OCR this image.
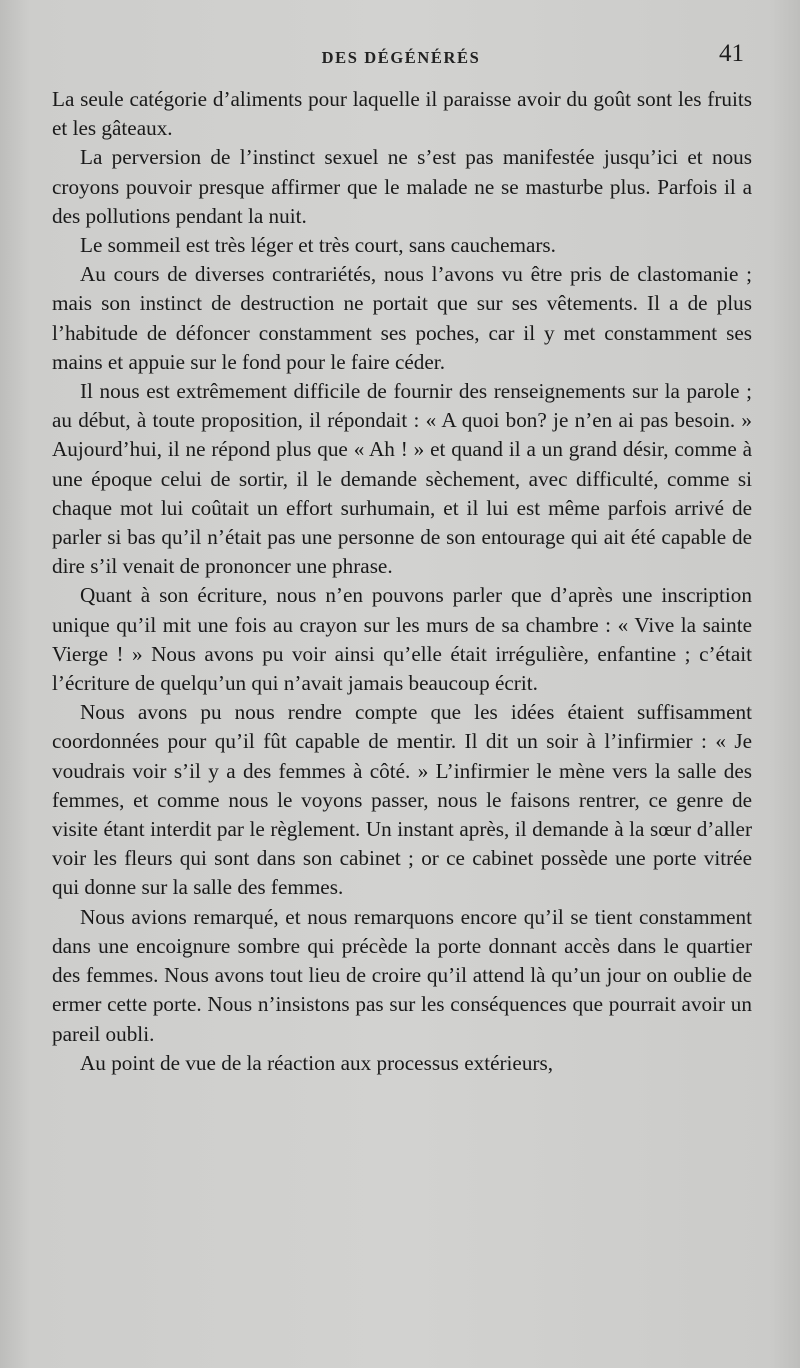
DES DÉGÉNÉRÉS	41

La seule catégorie d’aliments pour laquelle il paraisse avoir du goût sont les fruits et les gâteaux.

La perversion de l’instinct sexuel ne s’est pas manifestée jusqu’ici et nous croyons pouvoir presque affirmer que le malade ne se masturbe plus. Parfois il a des pollutions pendant la nuit.

Le sommeil est très léger et très court, sans cauchemars.

Au cours de diverses contrariétés, nous l’avons vu être pris de clastomanie ; mais son instinct de destruction ne portait que sur ses vêtements. Il a de plus l’habitude de défoncer constamment ses poches, car il y met constamment ses mains et appuie sur le fond pour le faire céder.

Il nous est extrêmement difficile de fournir des renseignements sur la parole ; au début, à toute proposition, il répondait : « A quoi bon? je n’en ai pas besoin. » Aujourd’hui, il ne répond plus que « Ah ! » et quand il a un grand désir, comme à une époque celui de sortir, il le demande sèchement, avec difficulté, comme si chaque mot lui coûtait un effort surhumain, et il lui est même parfois arrivé de parler si bas qu’il n’était pas une personne de son entourage qui ait été capable de dire s’il venait de prononcer une phrase.

Quant à son écriture, nous n’en pouvons parler que d’après une inscription unique qu’il mit une fois au crayon sur les murs de sa chambre : « Vive la sainte Vierge ! » Nous avons pu voir ainsi qu’elle était irrégulière, enfantine ; c’était l’écriture de quelqu’un qui n’avait jamais beaucoup écrit.

Nous avons pu nous rendre compte que les idées étaient suffisamment coordonnées pour qu’il fût capable de mentir. Il dit un soir à l’infirmier : « Je voudrais voir s’il y a des femmes à côté. » L’infirmier le mène vers la salle des femmes, et comme nous le voyons passer, nous le faisons rentrer, ce genre de visite étant interdit par le règlement. Un instant après, il demande à la sœur d’aller voir les fleurs qui sont dans son cabinet ; or ce cabinet possède une porte vitrée qui donne sur la salle des femmes.

Nous avions remarqué, et nous remarquons encore qu’il se tient constamment dans une encoignure sombre qui précède la porte donnant accès dans le quartier des femmes. Nous avons tout lieu de croire qu’il attend là qu’un jour on oublie de ermer cette porte. Nous n’insistons pas sur les conséquences que pourrait avoir un pareil oubli.

Au point de vue de la réaction aux processus extérieurs,
